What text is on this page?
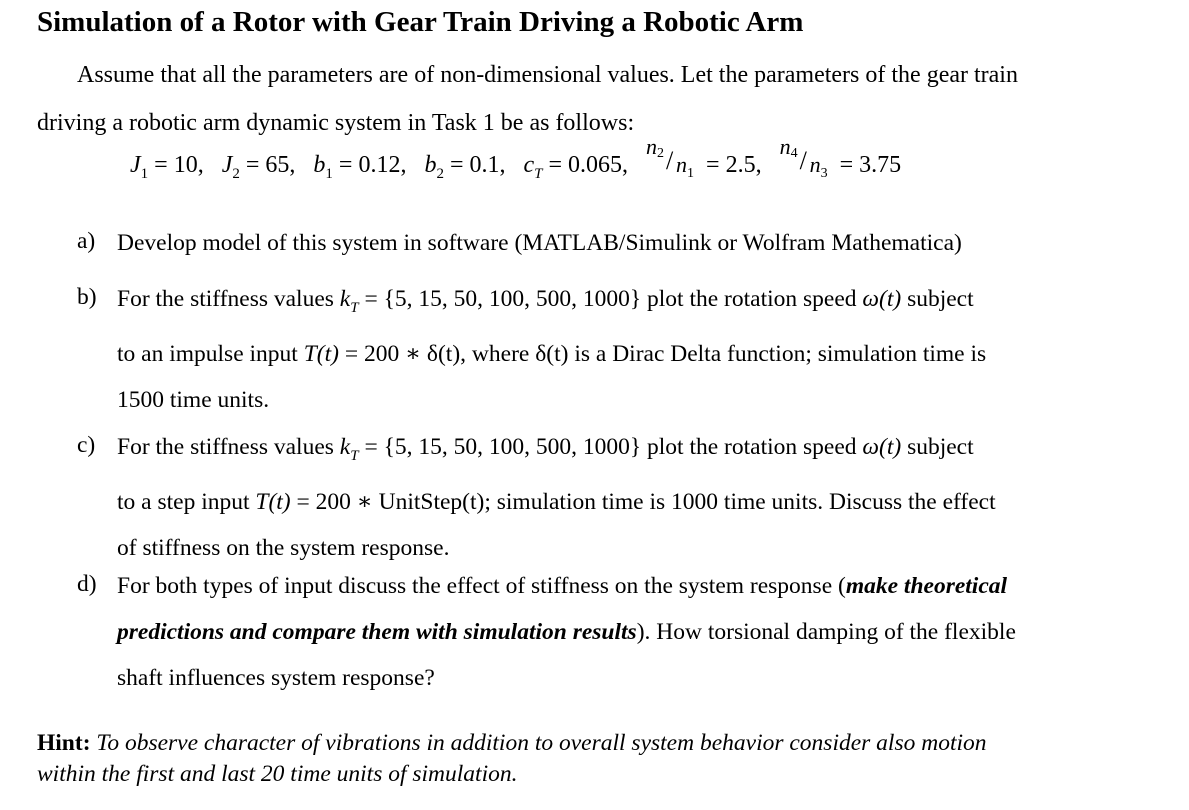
Simulation of a Rotor with Gear Train Driving a Robotic Arm
Assume that all the parameters are of non-dimensional values. Let the parameters of the gear train
driving a robotic arm dynamic system in Task 1 be as follows:
$J_1 = 10$,   $J_2 = 65$,   $b_1 = 0.12$,   $b_2 = 0.1$,   $c_T = 0.065$,
$n2 / n_1 = 2.5$,
$n4 / n_3 = 3.75$
a) Develop model of this system in software (MATLAB/Simulink or Wolfram Mathematica)

b) For the stiffness values $k_T = \{5$, 15, 50, 100, 500, 1000} plot the rotation speed ω(t) subject

to an impulse input T(t) = 200 ∗ δ(t), where δ(t) is a Dirac Delta function; simulation time is

1500 time units.

c) For the stiffness values $k_T = \{5$, 15, 50, 100, 500, 1000} plot the rotation speed ω(t) subject

to a step input T(t) = 200 ∗ UnitStep(t); simulation time is 1000 time units. Discuss the effect

of stiffness on the system response.

d) For both types of input discuss the effect of stiffness on the system response (make theoretical

predictions and compare them with simulation results). How torsional damping of the flexible

shaft influences system response?

Hint: To observe character of vibrations in addition to overall system behavior consider also motion

within the first and last 20 time units of simulation.
